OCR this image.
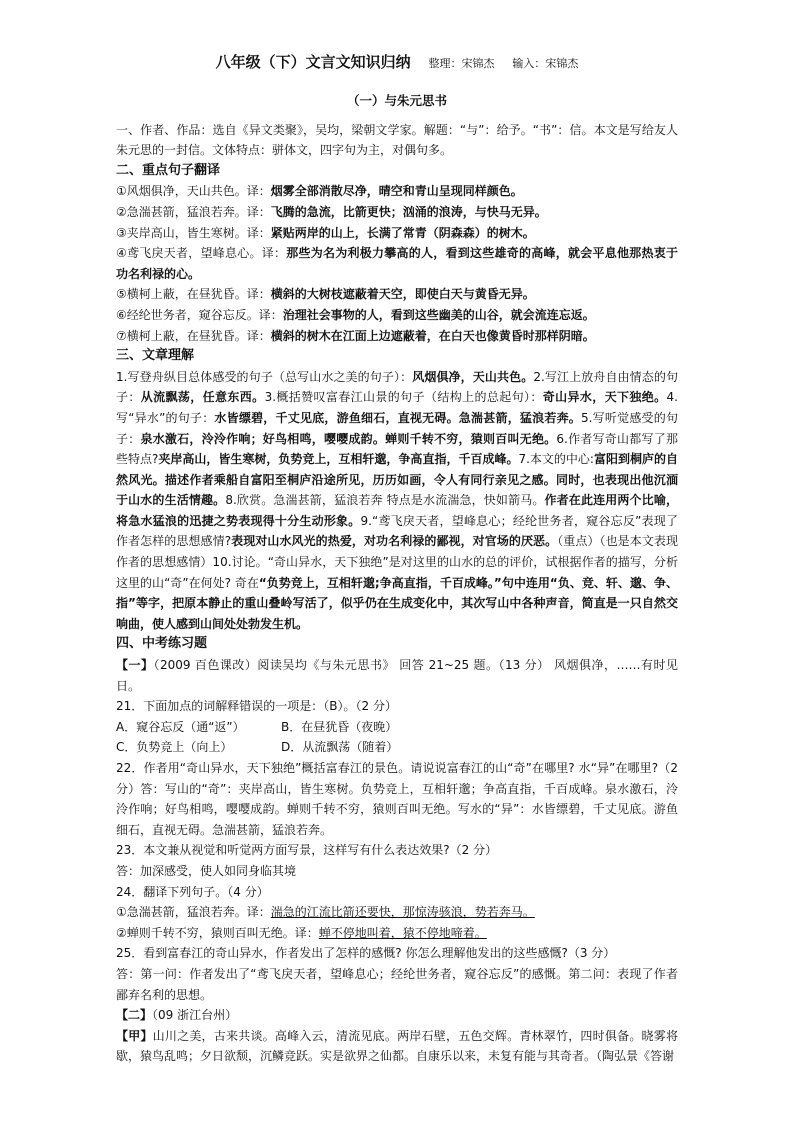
八年级（下）文言文知识归纳 整理：宋锦杰 输入：宋锦杰
（一）与朱元思书

一、作者、作品：选自《异文类聚》，吴均，梁朝文学家。解题：“与”：给予。“书”：信。本文是写给友人朱元思的一封信。文体特点：骈体文，四字句为主，对偶句多。

二、重点句子翻译

①风烟俱净，天山共色。译：烟雾全部消散尽净，晴空和青山呈现同样颜色。

②急湍甚箭，猛浪若奔。译：飞腾的急流，比箭更快；汹涌的浪涛，与快马无异。

③夹岸高山，皆生寒树。译：紧贴两岸的山上，长满了常青（阴森森）的树木。

④鸢飞戾天者，望峰息心。译：那些为名为利极力攀高的人，看到这些雄奇的高峰，就会平息他那热衷于功名利禄的心。

⑤横柯上蔽，在昼犹昏。译：横斜的大树枝遮蔽着天空，即使白天与黄昏无异。

⑥经纶世务者，窥谷忘反。译：治理社会事物的人，看到这些幽美的山谷，就会流连忘返。

⑦横柯上蔽，在昼犹昏。译：横斜的树木在江面上边遮蔽着，在白天也像黄昏时那样阴暗。

三、文章理解

1.写登舟纵目总体感受的句子（总写山水之美的句子）：风烟俱净，天山共色。2.写江上放舟自由情态的句子：从流飘荡，任意东西。3.概括赞叹富春江山景的句子（结构上的总起句）：奇山异水，天下独绝。4.写“异水”的句子：水皆缥碧，千丈见底，游鱼细石，直视无碍。急湍甚箭，猛浪若奔。5.写听觉感受的句子：泉水激石，泠泠作响；好鸟相鸣，嘤嘤成韵。蝉则千转不穷，猿则百叫无绝。6.作者写奇山都写了那些特点?夹岸高山，皆生寒树，负势竞上，互相轩邈，争高直指，千百成峰。7.本文的中心:富阳到桐庐的自然风光。描述作者乘船自富阳至桐庐沿途所见，历历如画，令人有同行亲见之感。同时，也表现出他沉湎于山水的生活情趣。8.欣赏。急湍甚箭，猛浪若奔 特点是水流湍急，快如箭马。作者在此连用两个比喻，将急水猛浪的迅捷之势表现得十分生动形象。9.“鸢飞戾天者，望峰息心；经纶世务者，窥谷忘反”表现了作者怎样的思想感情?表现对山水风光的热爱，对功名利禄的鄙视，对官场的厌恶。（重点）（也是本文表现作者的思想感情）10.讨论。“奇山异水，天下独绝”是对这里的山水的总的评价，试根据作者的描写，分析这里的山“奇”在何处? 奇在“负势竞上，互相轩邈;争高直指，千百成峰。”句中连用“负、竞、轩、邈、争、指”等字，把原本静止的重山叠岭写活了，似乎仍在生成变化中，其次写山中各种声音，简直是一只自然交响曲，使人感到山间处处勃发生机。

四、中考练习题

【一】（2009 百色课改）阅读吴均《与朱元思书》 回答 21~25 题。（13 分） 风烟俱净，……有时见日。

21．下面加点的词解释错误的一项是：（B）。（2 分）

A．窥谷忘反（通“返”）	B．在昼犹昏（夜晚）
C．负势竞上（向上）	D．从流飘荡（随着）

22．作者用“奇山异水，天下独绝”概括富春江的景色。请说说富春江的山“奇”在哪里? 水“异”在哪里?（2 分）答：写山的“奇”：夹岸高山，皆生寒树。负势竞上，互相轩邈；争高直指，千百成峰。泉水激石，泠泠作响；好鸟相鸣，嘤嘤成韵。蝉则千转不穷，猿则百叫无绝。写水的“异”：水皆缥碧，千丈见底。游鱼细石，直视无碍。急湍甚箭，猛浪若奔。

23．本文兼从视觉和听觉两方面写景，这样写有什么表达效果?（2 分）

答：加深感受，使人如同身临其境

24．翻译下列句子。（4 分）

①急湍甚箭，猛浪若奔。译：湍急的江流比箭还要快，那惊涛骇浪，势若奔马。

②蝉则千转不穷，猿则百叫无绝。译：蝉不停地叫着，猿不停地啼着。

25．看到富春江的奇山异水，作者发出了怎样的感慨? 你怎么理解他发出的这些感慨?（3 分）

答：第一问：作者发出了“鸢飞戾天者，望峰息心；经纶世务者，窥谷忘反”的感慨。第二问：表现了作者鄙弃名利的思想。

【二】（09 浙江台州）

【甲】山川之美，古来共谈。高峰入云，清流见底。两岸石壁，五色交辉。青林翠竹，四时俱备。晓雾将歇，猿鸟乱鸣；夕日欲颓，沉鳞竞跃。实是欲界之仙都。自康乐以来，未复有能与其奇者。（陶弘景《答谢
